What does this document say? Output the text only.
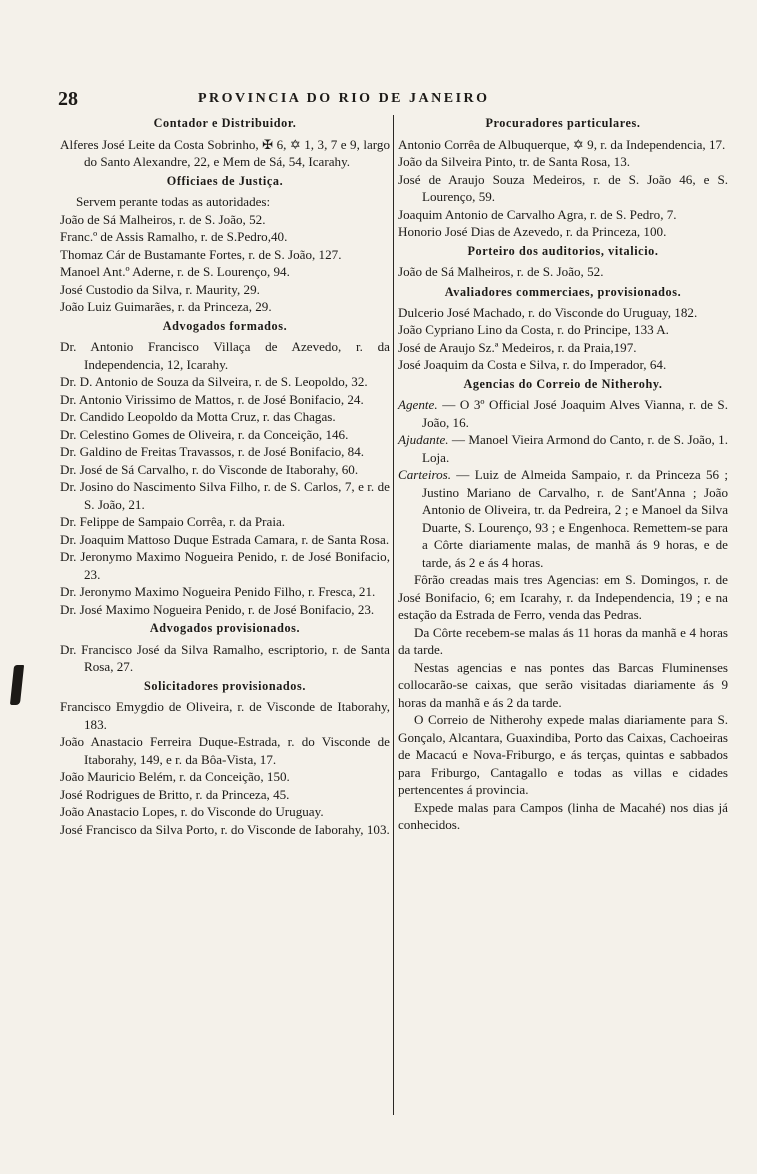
28	PROVINCIA DO RIO DE JANEIRO
Contador e Distribuidor.
Alferes José Leite da Costa Sobrinho, ✠ 6, ✡ 1, 3, 7 e 9, largo do Santo Alexandre, 22, e Mem de Sá, 54, Icarahy.
Officiaes de Justiça.
Servem perante todas as autoridades:
João de Sá Malheiros, r. de S. João, 52.
Franc.º de Assis Ramalho, r. de S.Pedro,40.
Thomaz Cár de Bustamante Fortes, r. de S. João, 127.
Manoel Ant.º Aderne, r. de S. Lourenço, 94.
José Custodio da Silva, r. Maurity, 29.
João Luiz Guimarães, r. da Princeza, 29.
Advogados formados.
Dr. Antonio Francisco Villaça de Azevedo, r. da Independencia, 12, Icarahy.
Dr. D. Antonio de Souza da Silveira, r. de S. Leopoldo, 32.
Dr. Antonio Virissimo de Mattos, r. de José Bonifacio, 24.
Dr. Candido Leopoldo da Motta Cruz, r. das Chagas.
Dr. Celestino Gomes de Oliveira, r. da Conceição, 146.
Dr. Galdino de Freitas Travassos, r. de José Bonifacio, 84.
Dr. José de Sá Carvalho, r. do Visconde de Itaborahy, 60.
Dr. Josino do Nascimento Silva Filho, r. de S. Carlos, 7, e r. de S. João, 21.
Dr. Felippe de Sampaio Corrêa, r. da Praia.
Dr. Joaquim Mattoso Duque Estrada Camara, r. de Santa Rosa.
Dr. Jeronymo Maximo Nogueira Penido, r. de José Bonifacio, 23.
Dr. Jeronymo Maximo Nogueira Penido Filho, r. Fresca, 21.
Dr. José Maximo Nogueira Penido, r. de José Bonifacio, 23.
Advogados provisionados.
Dr. Francisco José da Silva Ramalho, escriptorio, r. de Santa Rosa, 27.
Solicitadores provisionados.
Francisco Emygdio de Oliveira, r. de Visconde de Itaborahy, 183.
João Anastacio Ferreira Duque-Estrada, r. do Visconde de Itaborahy, 149, e r. da Bôa-Vista, 17.
João Mauricio Belém, r. da Conceição, 150.
José Rodrigues de Britto, r. da Princeza, 45.
João Anastacio Lopes, r. do Visconde do Uruguay.
José Francisco da Silva Porto, r. do Visconde de Iaborahy, 103.
Procuradores particulares.
Antonio Corrêa de Albuquerque, ✡ 9, r. da Independencia, 17.
João da Silveira Pinto, tr. de Santa Rosa, 13.
José de Araujo Souza Medeiros, r. de S. João 46, e S. Lourenço, 59.
Joaquim Antonio de Carvalho Agra, r. de S. Pedro, 7.
Honorio José Dias de Azevedo, r. da Princeza, 100.
Porteiro dos auditorios, vitalicio.
João de Sá Malheiros, r. de S. João, 52.
Avaliadores commerciaes, provisionados.
Dulcerio José Machado, r. do Visconde do Uruguay, 182.
João Cypriano Lino da Costa, r. do Principe, 133 A.
José de Araujo Sz.ª Medeiros, r. da Praia,197.
José Joaquim da Costa e Silva, r. do Imperador, 64.
Agencias do Correio de Nitherohy.
Agente. — O 3º Official José Joaquim Alves Vianna, r. de S. João, 16.
Ajudante. — Manoel Vieira Armond do Canto, r. de S. João, 1. Loja.
Carteiros. — Luiz de Almeida Sampaio, r. da Princeza 56 ; Justino Mariano de Carvalho, r. de Sant'Anna ; João Antonio de Oliveira, tr. da Pedreira, 2 ; e Manoel da Silva Duarte, S. Lourenço, 93 ; e Engenhoca. Remettem-se para a Côrte diariamente malas, de manhã ás 9 horas, e de tarde, ás 2 e ás 4 horas.
Fôrão creadas mais tres Agencias: em S. Domingos, r. de José Bonifacio, 6; em Icarahy, r. da Independencia, 19 ; e na estação da Estrada de Ferro, venda das Pedras.
Da Côrte recebem-se malas ás 11 horas da manhã e 4 horas da tarde.
Nestas agencias e nas pontes das Barcas Fluminenses collocarão-se caixas, que serão visitadas diariamente ás 9 horas da manhã e ás 2 da tarde.
O Correio de Nitherohy expede malas diariamente para S. Gonçalo, Alcantara, Guaxindiba, Porto das Caixas, Cachoeiras de Macacú e Nova-Friburgo, e ás terças, quintas e sabbados para Friburgo, Cantagallo e todas as villas e cidades pertencentes á provincia.
Expede malas para Campos (linha de Macahé) nos dias já conhecidos.
